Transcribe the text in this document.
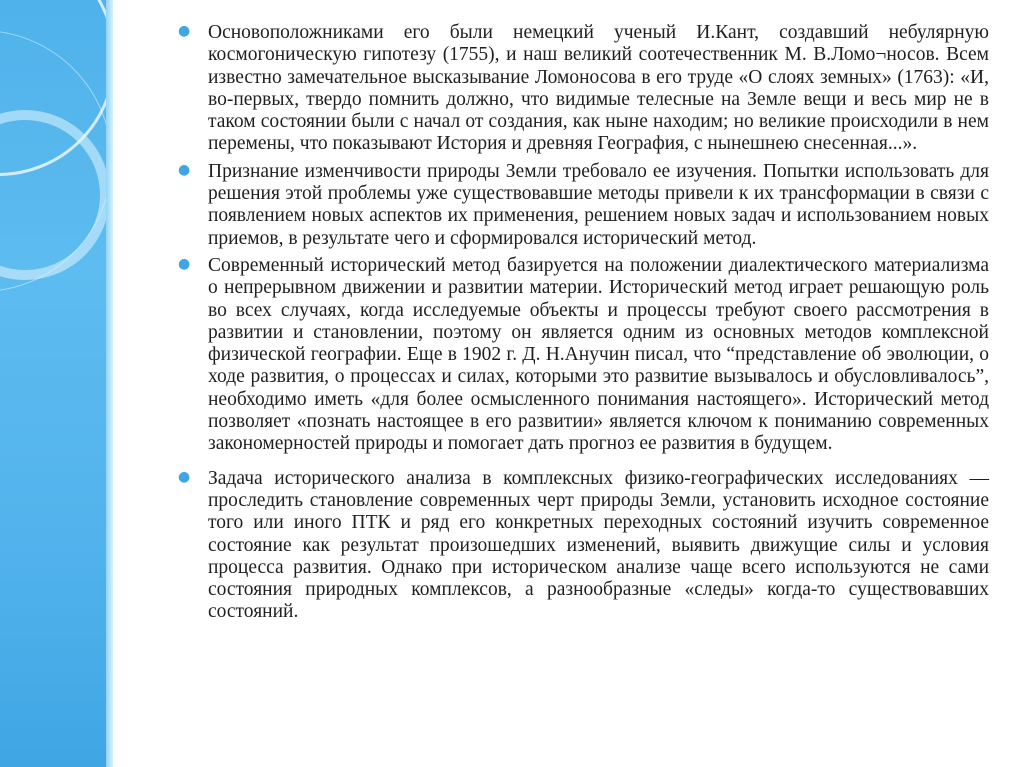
● Основоположниками его были немецкий ученый И.Кант, создавший небулярную космогоническую гипотезу (1755), и наш великий соотечественник М. В.Ломо¬носов. Всем известно замечательное высказывание Ломоносова в его труде «О слоях земных» (1763): «И, во-первых, твердо помнить должно, что видимые телесные на Земле вещи и весь мир не в таком состоянии были с начал от создания, как ныне находим; но великие происходили в нем перемены, что показывают История и древняя География, с нынешнею снесенная...».

● Признание изменчивости природы Земли требовало ее изучения. Попытки использовать для решения этой проблемы уже существовавшие методы привели к их трансформации в связи с появлением новых аспектов их применения, решением новых задач и использованием новых приемов, в результате чего и сформировался исторический метод.

● Современный исторический метод базируется на положении диалектического материализма о непрерывном движении и развитии материи. Исторический метод играет решающую роль во всех случаях, когда исследуемые объекты и процессы требуют своего рассмотрения в развитии и становлении, поэтому он является одним из основных методов комплексной физической географии. Еще в 1902 г. Д. Н.Анучин писал, что “представление об эволюции, о ходе развития, о процессах и силах, которыми это развитие вызывалось и обусловливалось”, необходимо иметь «для более осмысленного понимания настоящего». Исторический метод позволяет «познать настоящее в его развитии» является ключом к пониманию современных закономерностей природы и помогает дать прогноз ее развития в будущем.

● Задача исторического анализа в комплексных физико-географических исследованиях — проследить становление современных черт природы Земли, установить исходное состояние того или иного ПТК и ряд его конкретных переходных состояний изучить современное состояние как результат произошедших изменений, выявить движущие силы и условия процесса развития. Однако при историческом анализе чаще всего используются не сами состояния природных комплексов, а разнообразные «следы» когда-то существовавших состояний.
